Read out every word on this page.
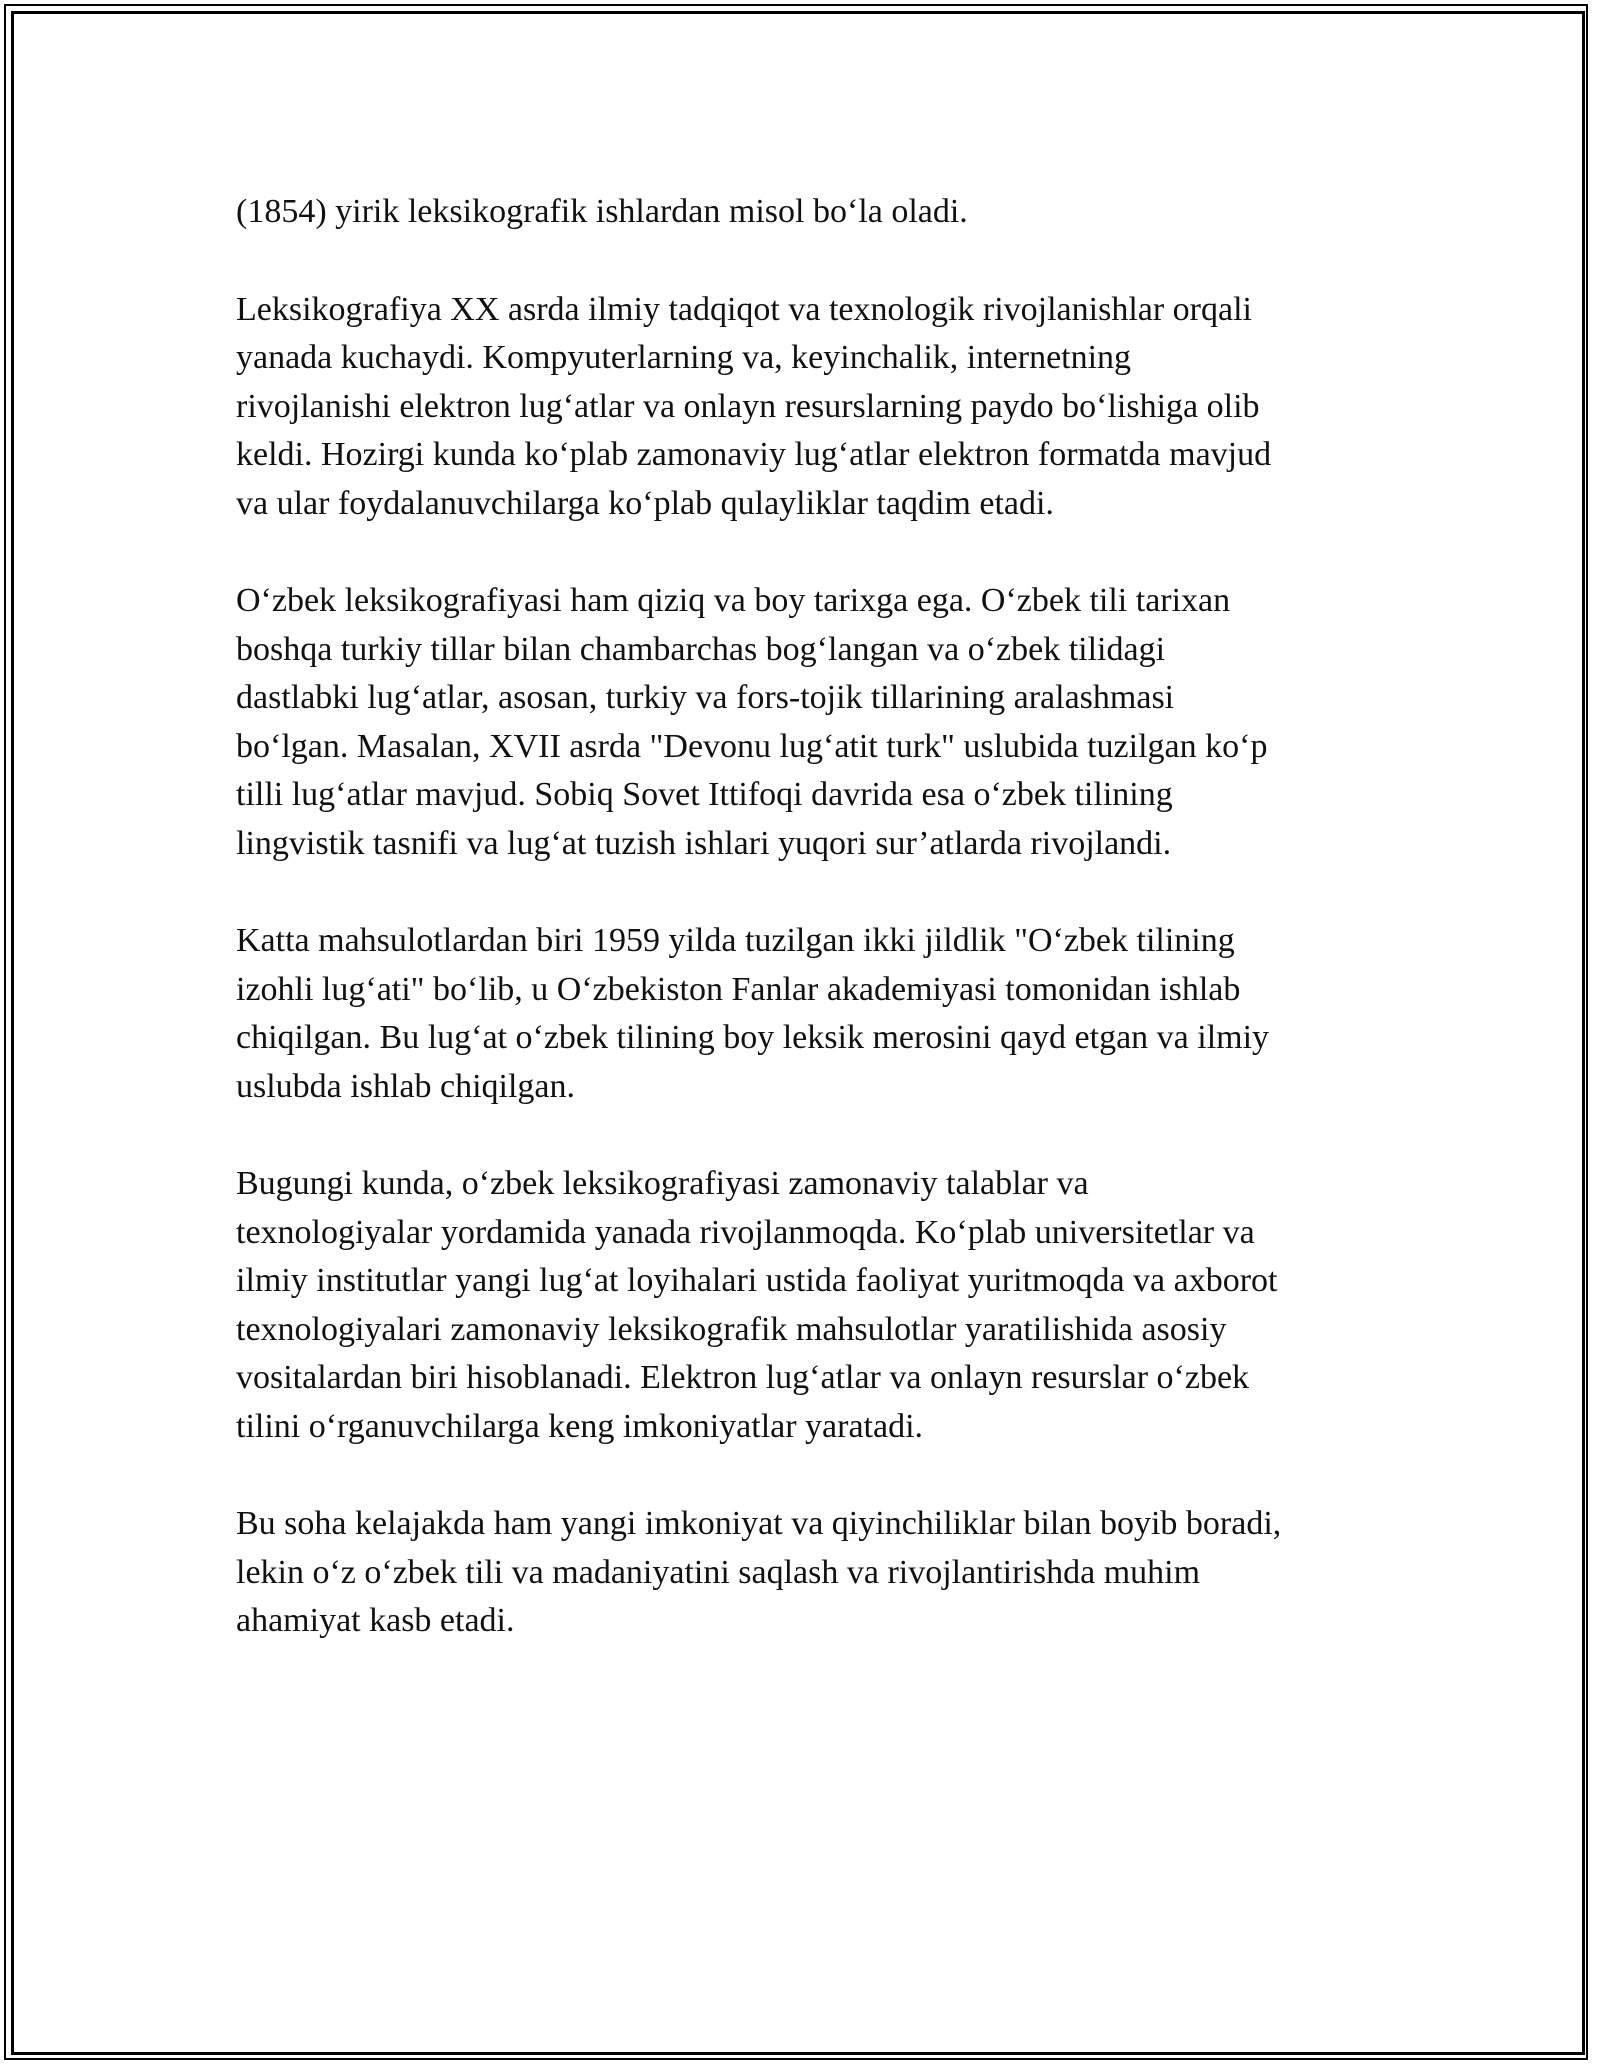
(1854) yirik leksikografik ishlardan misol bo‘la oladi.

Leksikografiya XX asrda ilmiy tadqiqot va texnologik rivojlanishlar orqali
yanada kuchaydi. Kompyuterlarning va, keyinchalik, internetning
rivojlanishi elektron lug‘atlar va onlayn resurslarning paydo bo‘lishiga olib
keldi. Hozirgi kunda ko‘plab zamonaviy lug‘atlar elektron formatda mavjud
va ular foydalanuvchilarga ko‘plab qulayliklar taqdim etadi.

O‘zbek leksikografiyasi ham qiziq va boy tarixga ega. O‘zbek tili tarixan
boshqa turkiy tillar bilan chambarchas bog‘langan va o‘zbek tilidagi
dastlabki lug‘atlar, asosan, turkiy va fors-tojik tillarining aralashmasi
bo‘lgan. Masalan, XVII asrda "Devonu lug‘atit turk" uslubida tuzilgan ko‘p
tilli lug‘atlar mavjud. Sobiq Sovet Ittifoqi davrida esa o‘zbek tilining
lingvistik tasnifi va lug‘at tuzish ishlari yuqori sur’atlarda rivojlandi.

Katta mahsulotlardan biri 1959 yilda tuzilgan ikki jildlik "O‘zbek tilining
izohli lug‘ati" bo‘lib, u O‘zbekiston Fanlar akademiyasi tomonidan ishlab
chiqilgan. Bu lug‘at o‘zbek tilining boy leksik merosini qayd etgan va ilmiy
uslubda ishlab chiqilgan.

Bugungi kunda, o‘zbek leksikografiyasi zamonaviy talablar va
texnologiyalar yordamida yanada rivojlanmoqda. Ko‘plab universitetlar va
ilmiy institutlar yangi lug‘at loyihalari ustida faoliyat yuritmoqda va axborot
texnologiyalari zamonaviy leksikografik mahsulotlar yaratilishida asosiy
vositalardan biri hisoblanadi. Elektron lug‘atlar va onlayn resurslar o‘zbek
tilini o‘rganuvchilarga keng imkoniyatlar yaratadi.

Bu soha kelajakda ham yangi imkoniyat va qiyinchiliklar bilan boyib boradi,
lekin o‘z o‘zbek tili va madaniyatini saqlash va rivojlantirishda muhim
ahamiyat kasb etadi.
